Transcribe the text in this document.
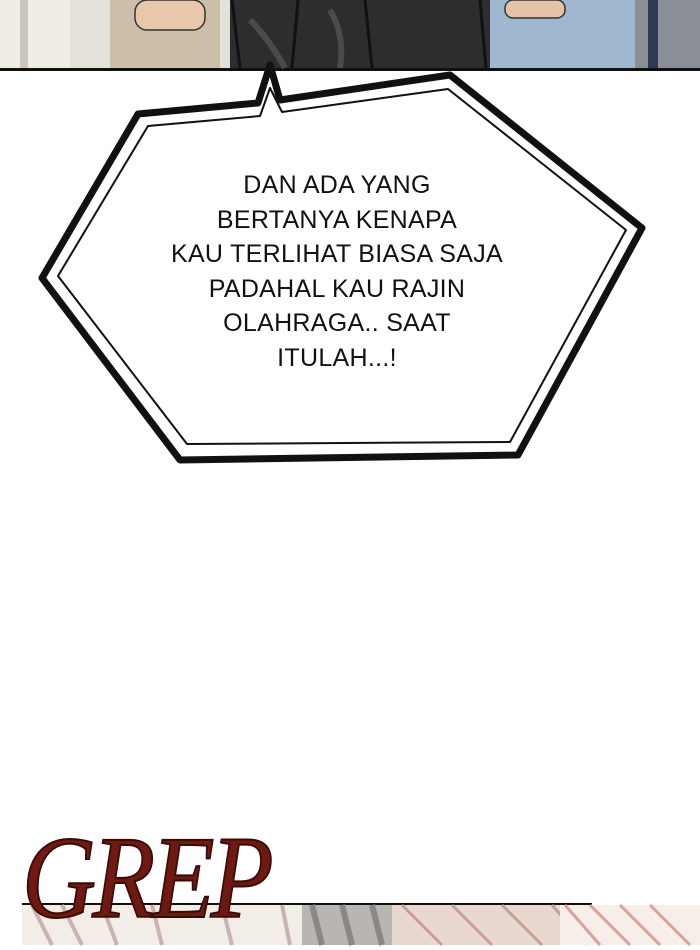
DAN ADA YANG
BERTANYA KENAPA
KAU TERLIHAT BIASA SAJA
PADAHAL KAU RAJIN
OLAHRAGA.. SAAT
ITULAH...!
GREP
